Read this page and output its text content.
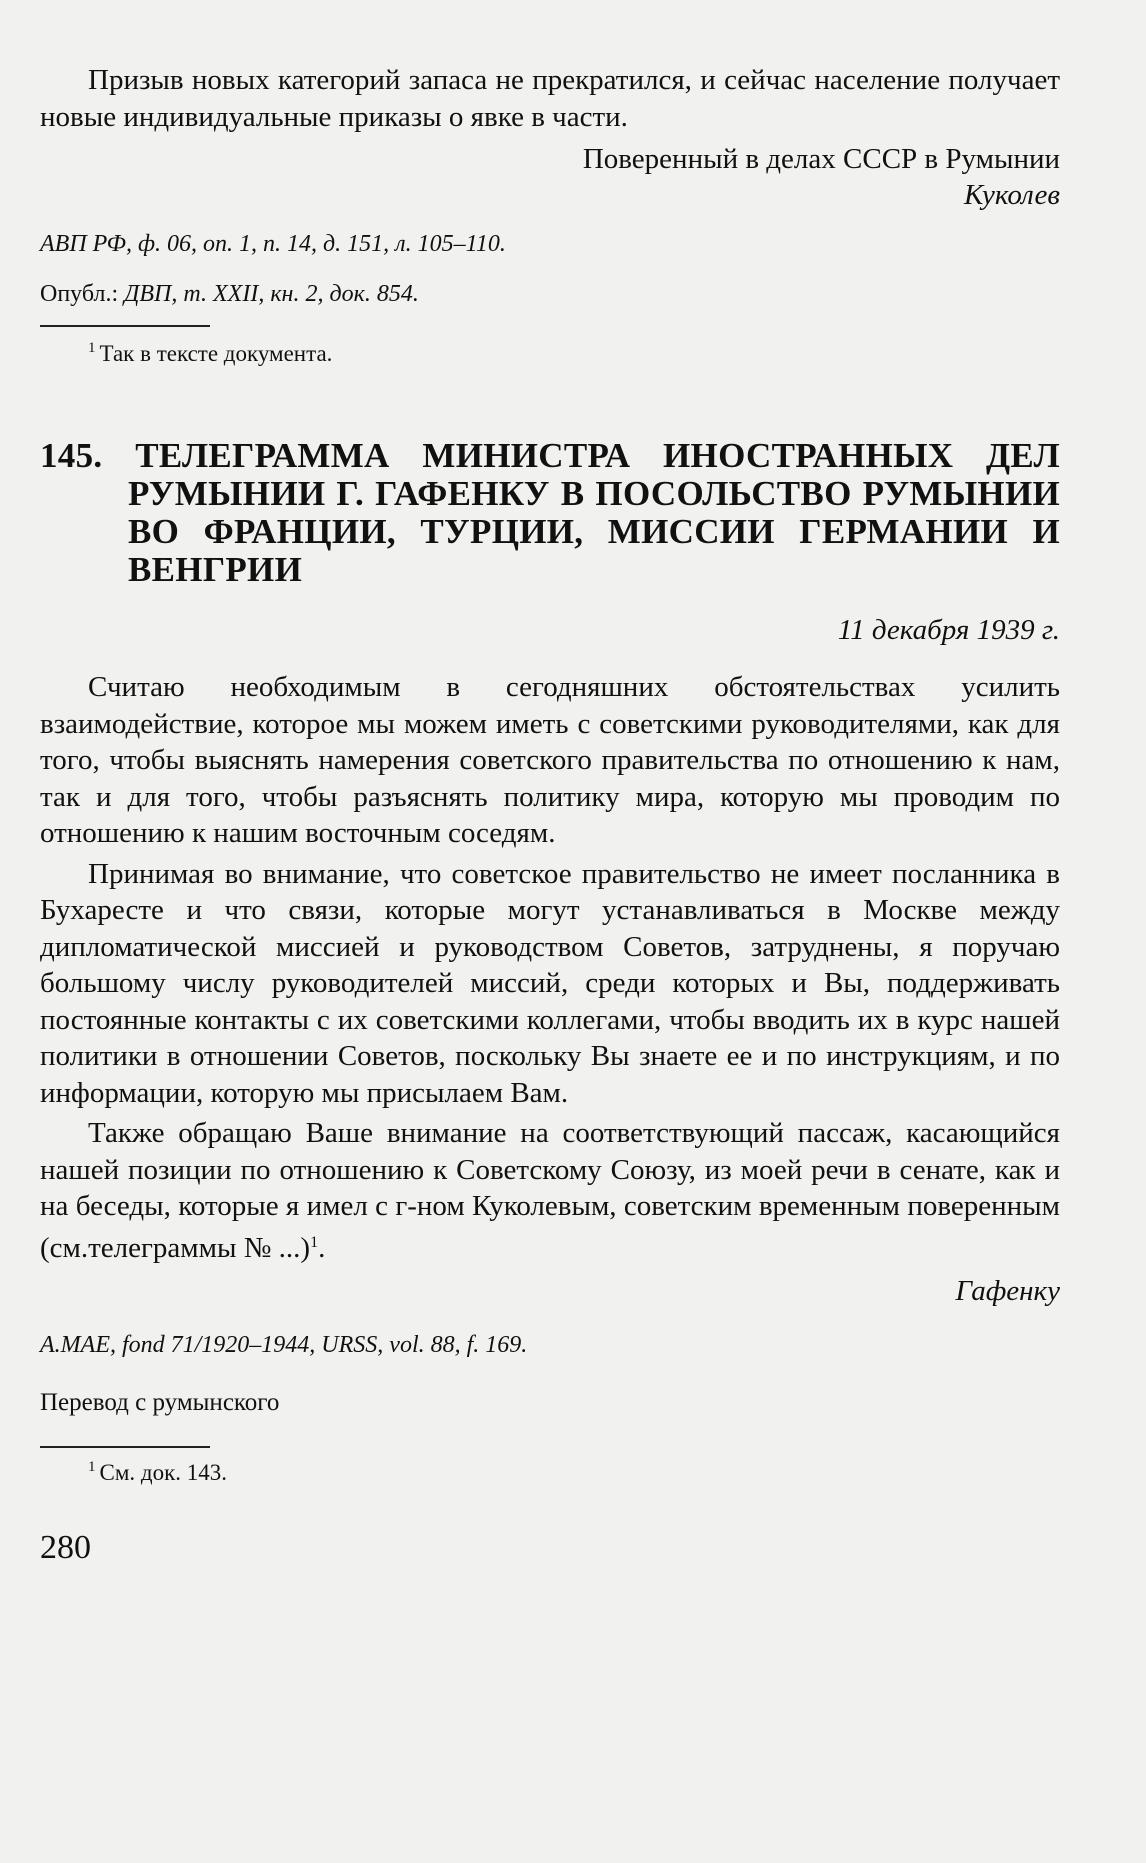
Призыв новых категорий запаса не прекратился, и сейчас население получает новые индивидуальные приказы о явке в части.

Поверенный в делах СССР в Румынии
Куколев

АВП РФ, ф. 06, оп. 1, п. 14, д. 151, л. 105–110.

Опубл.: ДВП, т. XXII, кн. 2, док. 854.

$^1$ Так в тексте документа.

145. ТЕЛЕГРАММА МИНИСТРА ИНОСТРАННЫХ ДЕЛ РУМЫНИИ Г. ГАФЕНКУ В ПОСОЛЬСТВО РУМЫНИИ ВО ФРАНЦИИ, ТУРЦИИ, МИССИИ ГЕРМАНИИ И ВЕНГРИИ

11 декабря 1939 г.

Считаю необходимым в сегодняшних обстоятельствах усилить взаимодействие, которое мы можем иметь с советскими руководителями, как для того, чтобы выяснять намерения советского правительства по отношению к нам, так и для того, чтобы разъяснять политику мира, которую мы проводим по отношению к нашим восточным соседям.

Принимая во внимание, что советское правительство не имеет посланника в Бухаресте и что связи, которые могут устанавливаться в Москве между дипломатической миссией и руководством Советов, затруднены, я поручаю большому числу руководителей миссий, среди которых и Вы, поддерживать постоянные контакты с их советскими коллегами, чтобы вводить их в курс нашей политики в отношении Советов, поскольку Вы знаете ее и по инструкциям, и по информации, которую мы присылаем Вам.

Также обращаю Ваше внимание на соответствующий пассаж, касающийся нашей позиции по отношению к Советскому Союзу, из моей речи в сенате, как и на беседы, которые я имел с г-ном Куколевым, советским временным поверенным (см.телеграммы № ...)$^1$.

Гафенку

A.MAE, fond 71/1920–1944, URSS, vol. 88, f. 169.

Перевод с румынского

$^1$ См. док. 143.

280
